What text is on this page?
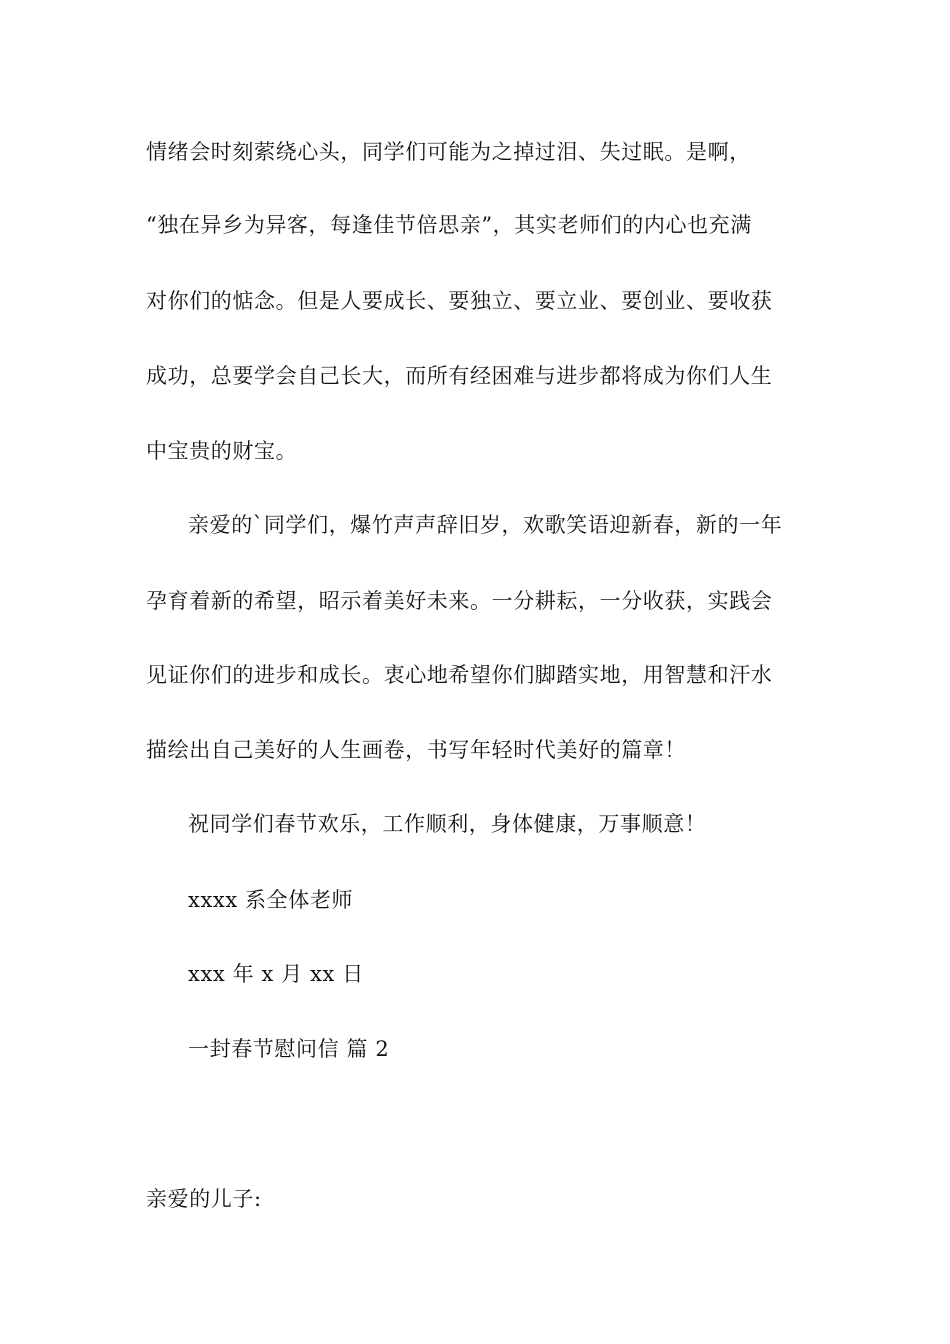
情绪会时刻萦绕心头，同学们可能为之掉过泪、失过眠。是啊，
“独在异乡为异客，每逢佳节倍思亲”，其实老师们的内心也充满
对你们的惦念。但是人要成长、要独立、要立业、要创业、要收获
成功，总要学会自己长大，而所有经困难与进步都将成为你们人生
中宝贵的财宝。
亲爱的`同学们，爆竹声声辞旧岁，欢歌笑语迎新春，新的一年
孕育着新的希望，昭示着美好未来。一分耕耘，一分收获，实践会
见证你们的进步和成长。衷心地希望你们脚踏实地，用智慧和汗水
描绘出自己美好的人生画卷，书写年轻时代美好的篇章！
祝同学们春节欢乐，工作顺利，身体健康，万事顺意！
xxxx 系全体老师
xxx 年 x 月 xx 日
一封春节慰问信 篇 2
亲爱的儿子:
